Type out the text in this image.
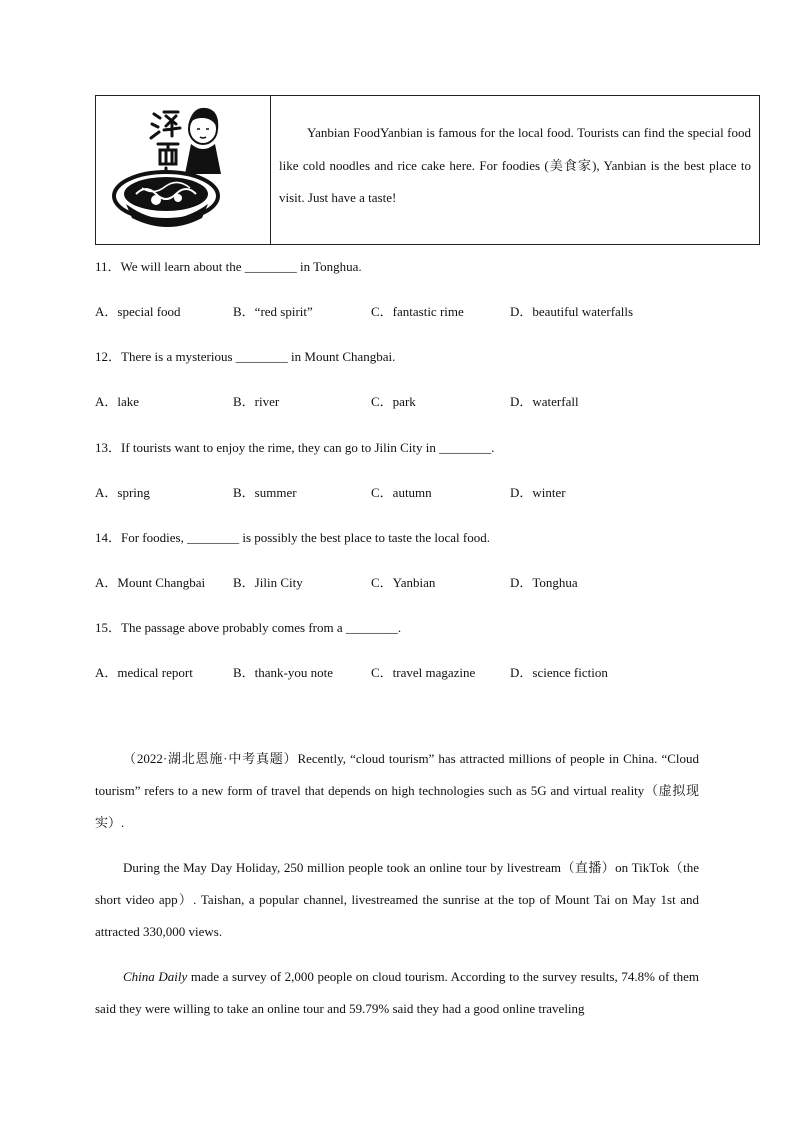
Yanbian FoodYanbian is famous for the local food. Tourists can find the special food like cold noodles and rice cake here. For foodies (美食家), Yanbian is the best place to visit. Just have a taste!

11．We will learn about the ________ in Tonghua.
A．special food	B．“red spirit”	C．fantastic rime	D．beautiful waterfalls
12．There is a mysterious ________ in Mount Changbai.
A．lake	B．river	C．park	D．waterfall
13．If tourists want to enjoy the rime, they can go to Jilin City in ________.
A．spring	B．summer	C．autumn	D．winter
14．For foodies, ________ is possibly the best place to taste the local food.
A．Mount Changbai B．Jilin City	C．Yanbian	D．Tonghua
15．The passage above probably comes from a ________.
A．medical report	B．thank-you note	C．travel magazine	D．science fiction

（2022·湖北恩施·中考真题）Recently, “cloud tourism” has attracted millions of people in China. “Cloud tourism” refers to a new form of travel that depends on high technologies such as 5G and virtual reality（虚拟现实）.

During the May Day Holiday, 250 million people took an online tour by livestream（直播）on TikTok（the short video app）. Taishan, a popular channel, livestreamed the sunrise at the top of Mount Tai on May 1st and attracted 330,000 views.

China Daily made a survey of 2,000 people on cloud tourism. According to the survey results, 74.8% of them said they were willing to take an online tour and 59.79% said they had a good online traveling
